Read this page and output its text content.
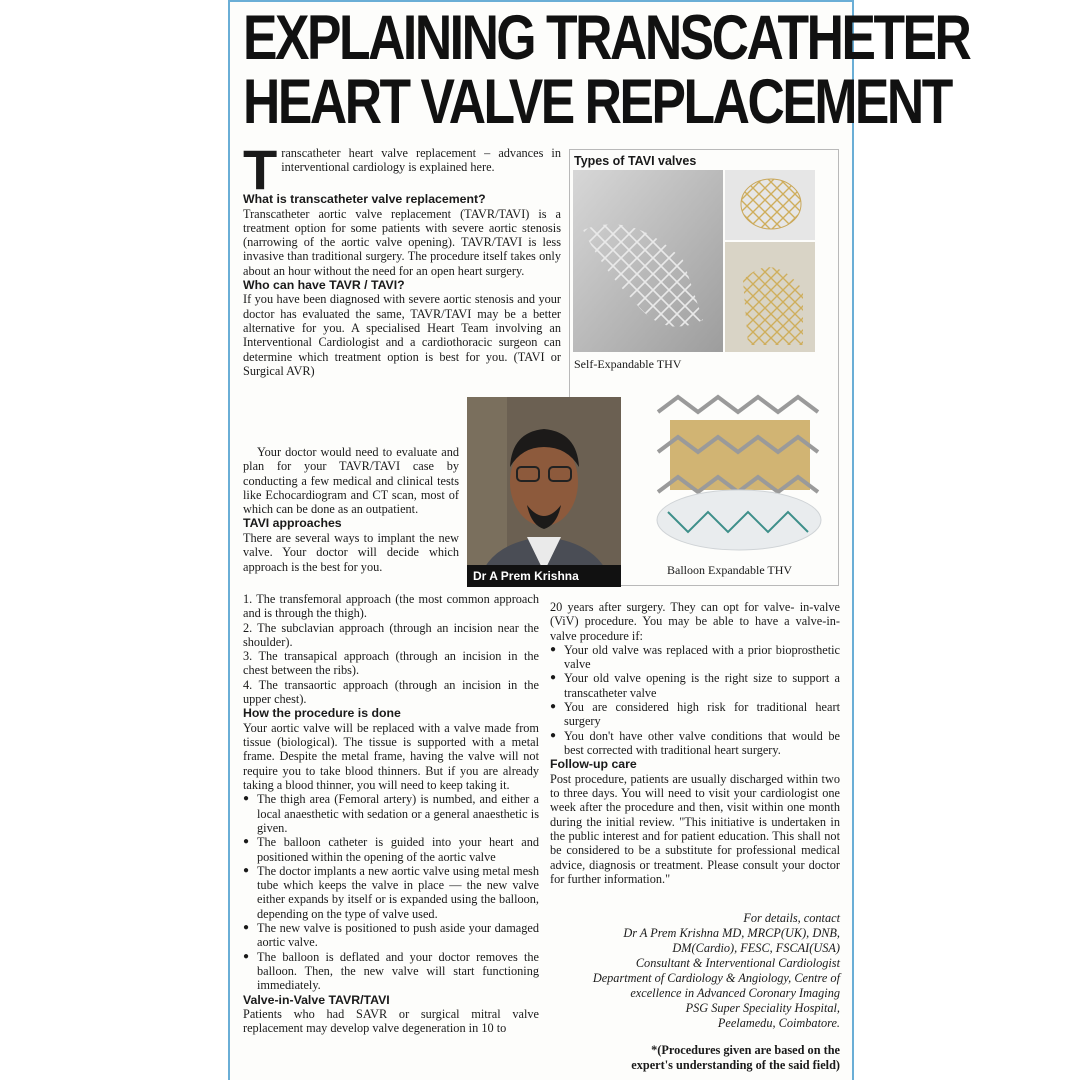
EXPLAINING TRANSCATHETER
HEART VALVE REPLACEMENT
T ranscatheter heart valve replacement – advances in interventional cardiology is explained here.

What is transcatheter valve replacement?

Transcatheter aortic valve replacement (TAVR/TAVI) is a treatment option for some patients with severe aortic stenosis (narrowing of the aortic valve opening). TAVR/TAVI is less invasive than traditional surgery. The procedure itself takes only about an hour without the need for an open heart surgery.

Who can have TAVR / TAVI?

If you have been diagnosed with severe aortic stenosis and your doctor has evaluated the same, TAVR/TAVI may be a better alternative for you. A specialised Heart Team involving an Interventional Cardiologist and a cardiothoracic surgeon can determine which treatment option is best for you. (TAVI or Surgical AVR)

Your doctor would need to evaluate and plan for your TAVR/TAVI case by conducting a few medical and clinical tests like Echocardiogram and CT scan, most of which can be done as an outpatient.

TAVI approaches

There are several ways to implant the new valve. Your doctor will decide which approach is the best for you.

1. The transfemoral approach (the most common approach and is through the thigh).
2. The subclavian approach (through an incision near the shoulder).
3. The transapical approach (through an incision in the chest between the ribs).
4. The transaortic approach (through an incision in the upper chest).

How the procedure is done

Your aortic valve will be replaced with a valve made from tissue (biological). The tissue is supported with a metal frame. Despite the metal frame, having the valve will not require you to take blood thinners. But if you are already taking a blood thinner, you will need to keep taking it.

● The thigh area (Femoral artery) is numbed, and either a local anaesthetic with sedation or a general anaesthetic is given.
● The balloon catheter is guided into your heart and positioned within the opening of the aortic valve
● The doctor implants a new aortic valve using metal mesh tube which keeps the valve in place — the new valve either expands by itself or is expanded using the balloon, depending on the type of valve used.
● The new valve is positioned to push aside your damaged aortic valve.
● The balloon is deflated and your doctor removes the balloon. Then, the new valve will start functioning immediately.

Valve-in-Valve TAVR/TAVI

Patients who had SAVR or surgical mitral valve replacement may develop valve degeneration in 10 to

20 years after surgery. They can opt for valve- in-valve (ViV) procedure. You may be able to have a valve-in-valve procedure if:

● Your old valve was replaced with a prior bioprosthetic valve
● Your old valve opening is the right size to support a transcatheter valve
● You are considered high risk for traditional heart surgery
● You don't have other valve conditions that would be best corrected with traditional heart surgery.

Follow-up care

Post procedure, patients are usually discharged within two to three days. You will need to visit your cardiologist one week after the procedure and then, visit within one month during the initial review. "This initiative is undertaken in the public interest and for patient education. This shall not be considered to be a substitute for professional medical advice, diagnosis or treatment. Please consult your doctor for further information."

Types of TAVI valves
Self-Expandable THV
Balloon Expandable THV
Dr A Prem Krishna
For details, contact
Dr A Prem Krishna MD, MRCP(UK), DNB,
DM(Cardio), FESC, FSCAI(USA)
Consultant & Interventional Cardiologist
Department of Cardiology & Angiology, Centre of
excellence in Advanced Coronary Imaging
PSG Super Speciality Hospital,
Peelamedu, Coimbatore.
*(Procedures given are based on the
expert's understanding of the said field)
